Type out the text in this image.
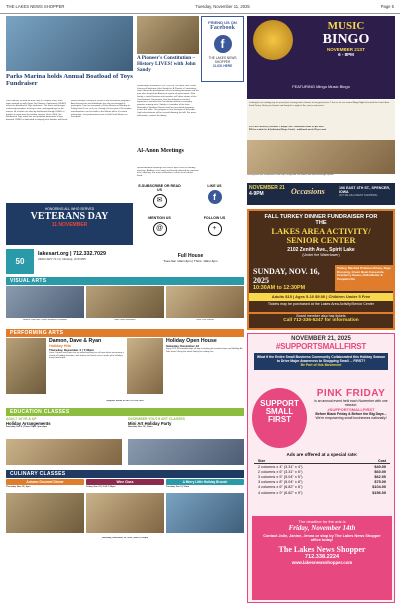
THE LAKES NEWS SHOPPER	Tuesday, November 11, 2025	Page 5
Parks Marina holds Annual Boatload of Toys Fundraiser
Parks Marina, located off East Lake in Okoboji, Iowa, once again teamed up with Upper Des Moines Opportunity (UDMO) to host its Boatload of Toys fundraiser. The event encourages community members to bring in new, unwrapped toys to the marina, all of which are directly distributed through UDMO to families in need over the holiday season. Since 2006, the Boatload of Toys event has accumulated thousands of toys donated. UDMO is dedicated to helping local families with basic needs through a variety of services and assistance programs. Area businesses and individuals are also encouraged to participate. Toys are accepted at Parks Marina on Monday to Friday from 8 a.m. to 5 p.m. through the first part of December, and donations can be made in the Marina office. For more information, visit parksmarina.com or find Parks Marina on Facebook.
A Pioneer's Constitution – History LIVES! with John Sandy
Wednesday, November 19 at 7:00 p.m. the Spirit Lake Public Library will welcome John Sandy for 'A Pioneer's Constitution.' Learn about the development of our founding document and the men who shaped the American system of government. John Sandy, a noted historian and speaker, will share stories of the Constitutional Convention, how the delegates reached agreement, and what the Constitution meant to everyday pioneers moving west. Sandy is a member of the Iowa Humanities Speakers Bureau and has presented programs across the state. This program is free and open to the public. Light refreshments will be served following the talk. For more information, contact the library.
Al-Anon Meetings
Spirited Al-Anon meetings are held in Spirit Lake on Monday evenings. Al-Anon is for family and friends affected by someone else's drinking. For more information, call the local contact listed.
FRIEND US ON
Facebook
f
THE LAKES NEWS SHOPPER
CLICK HERE
MUSIC
BINGO
NOVEMBER 21ST
6 - 8PM
FEATURING Mingo Music Bingo
Looking for an exciting way to spend your evening and a chance to win great prizes? Join us for our annual Bingo Night to benefit the Lakes Area Food Pantry. Grab your friends and family for a night of fun, music and prizes!
$10 PER PERSON | Includes 1 Bingo Card - additional cards $5 per card
$50 for a table for 6 (Individual Bingo Cards) - additional cards $5 per card
Serving Bold Bar Sandwiches and chips along with soft drinks and adult beverage options
NOVEMBER 21
4-9PM	Occasions	106 EAST 4TH ST., SPENCER, IOWA
(IN THE HILLCREST SHOPPES)
E-SUBSCRIBE OR READ US
✉
LIKE US
f
MENTION US
@
FOLLOW US
+
HONORING ALL WHO SERVED
VETERANS DAY
11 NOVEMBER
50
lakesart.org | 712.332.7029
2300 HWY 71 N | Okoboji, IA 51355	Full House
Tues-Sat: 10am-5pm | Thurs: 10am-6pm
VISUAL ARTS
Newest Lakes Art Center Members Exhibition	Mark Gaun Exhibition	Close Your Mouths
PERFORMING ARTS
Damon, Dave & Ryan
Holiday Hits
Thursday, December 4 | 7:30pm
Dave, Damon and Ryan are an award-winning trio of Iowa talent presenting a variety of holiday favorites, with humor and heart sure to make your holidays merry and bright.
Holiday Open House
Saturday, December 13
Enjoy 20% off memberships all day, including gift memberships and Holiday Art Sale items! Bring the whole family for holiday fun.
Register online or call 712-332-7029
EDUCATION CLASSES
ADULT 16 YR & UP
Holiday Arrangements
Saturday, Dec 6 | 10am-12pm, 2pm-4pm
DECEMBER YOUTH ART CLASSES
Mini Art Holiday Party
Saturday Dec 13 | 10am
CULINARY CLASSES
Autumn Gourmet Dinner
Thursday, Nov 13 | 6pm
Wine Class
Friday, Nov 21 | 5:30-7:30pm
A Merry Little Holiday Brunch
Tuesday, Dec 9 | 10am
Saturday, November 15, 2025 | 9am-12:30pm
FALL TURKEY DINNER FUNDRAISER FOR THE
LAKES AREA ACTIVITY/ SENIOR CENTER
2102 Zenith Ave., Spirit Lake
(Under the Watertower)
SUNDAY, NOV. 16, 2025
10:30AM to 12:30PM
Turkey, Mashed Potatoes/Gravy, Sage Dressing, Green Bean Casserole, Cranberry Sauce, Rolls/Butter & Pumpkin Pie
Adults $15 | Ages 5-10 $9.00 | Children Under 5 Free
Tickets may be purchased at the Lakes Area Activity/Senior Center
Board member also has tickets
Call 712-336-5247 for information
NOVEMBER 21, 2025
#SUPPORTSMALLFIRST
What if the Entire Small Business Community Collaborated this Holiday Season to Drive Major Awareness to Shopping Small ... FIRST?
Be Part of this Movement
SUPPORT
SMALL
FIRST
PINK FRIDAY
is an annual event held each November with one mission:
#SUPPORTSMALLFIRST
Before Black Friday & Before the Big Days...
We're empowering small businesses nationally!
Ads are offered at a special rate:
Size	Cost
2 columns x 4" (3.31" x 4")	$40.00
2 columns x 6" (3.31" x 6")	$60.00
3 columns x 5" (5.04" x 5")	$62.00
3 columns x 8" (5.04" x 8")	$75.00
4 columns x 6" (6.82" x 6")	$104.00
4 columns x 9" (6.82" x 9")	$156.00
The deadline for the ads is
Friday, November 14th
Contact Jolie, Janine, Jenna or stop by The Lakes News Shopper office today!
The Lakes News Shopper
712.338.2224
www.lakesnewsshopper.com
